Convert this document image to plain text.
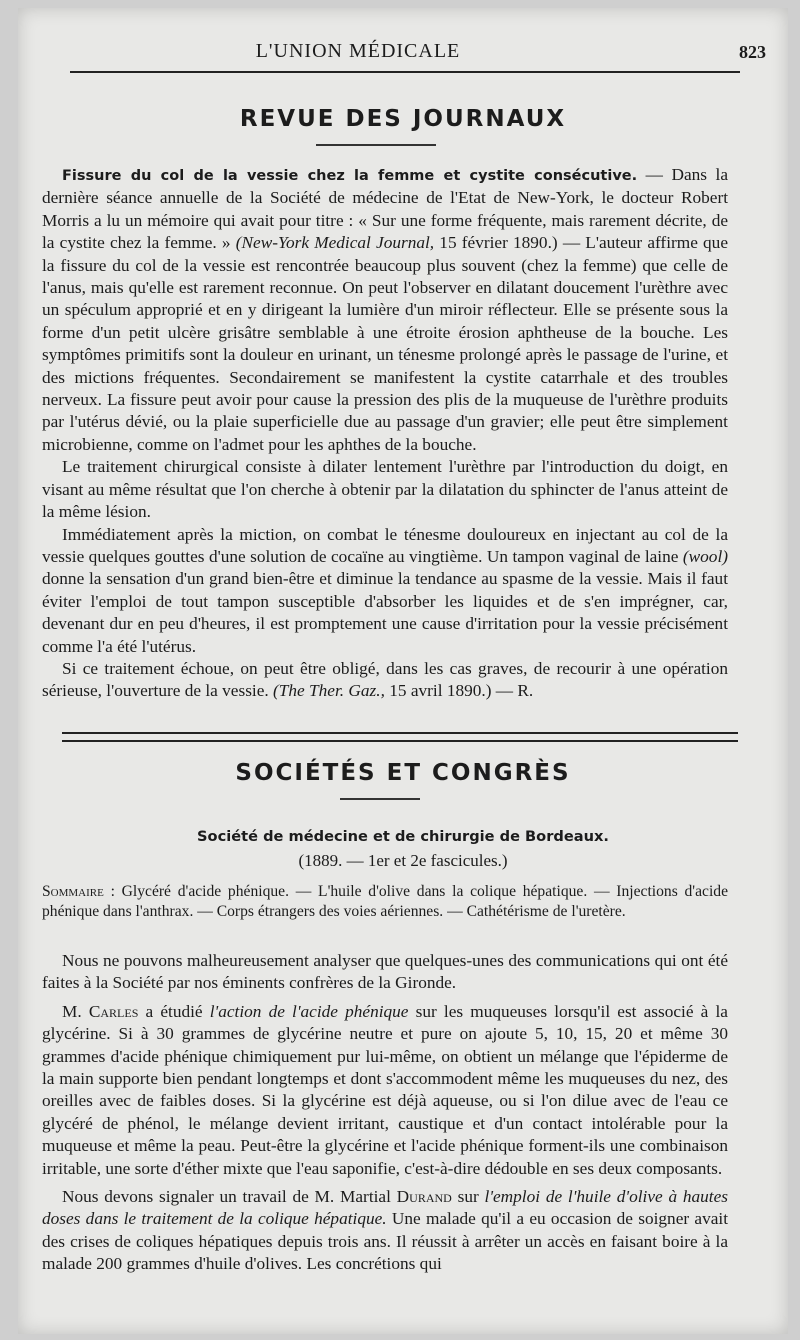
L'UNION MÉDICALE	823
REVUE DES JOURNAUX

Fissure du col de la vessie chez la femme et cystite consécutive. — Dans la dernière séance annuelle de la Société de médecine de l'Etat de New-York, le docteur Robert Morris a lu un mémoire qui avait pour titre : « Sur une forme fréquente, mais rarement décrite, de la cystite chez la femme. » (New-York Medical Journal, 15 février 1890.) — L'auteur affirme que la fissure du col de la vessie est rencontrée beaucoup plus souvent (chez la femme) que celle de l'anus, mais qu'elle est rarement reconnue. On peut l'observer en dilatant doucement l'urèthre avec un spéculum approprié et en y dirigeant la lumière d'un miroir réflecteur. Elle se présente sous la forme d'un petit ulcère grisâtre semblable à une étroite érosion aphtheuse de la bouche. Les symptômes primitifs sont la douleur en urinant, un ténesme prolongé après le passage de l'urine, et des mictions fréquentes. Secondairement se manifestent la cystite catarrhale et des troubles nerveux. La fissure peut avoir pour cause la pression des plis de la muqueuse de l'urèthre produits par l'utérus dévié, ou la plaie superficielle due au passage d'un gravier; elle peut être simplement microbienne, comme on l'admet pour les aphthes de la bouche.

Le traitement chirurgical consiste à dilater lentement l'urèthre par l'introduction du doigt, en visant au même résultat que l'on cherche à obtenir par la dilatation du sphincter de l'anus atteint de la même lésion.

Immédiatement après la miction, on combat le ténesme douloureux en injectant au col de la vessie quelques gouttes d'une solution de cocaïne au vingtième. Un tampon vaginal de laine (wool) donne la sensation d'un grand bien-être et diminue la tendance au spasme de la vessie. Mais il faut éviter l'emploi de tout tampon susceptible d'absorber les liquides et de s'en imprégner, car, devenant dur en peu d'heures, il est promptement une cause d'irritation pour la vessie précisément comme l'a été l'utérus.

Si ce traitement échoue, on peut être obligé, dans les cas graves, de recourir à une opération sérieuse, l'ouverture de la vessie. (The Ther. Gaz., 15 avril 1890.) — R.

SOCIÉTÉS ET CONGRÈS
Société de médecine et de chirurgie de Bordeaux.
(1889. — 1er et 2e fascicules.)
Sommaire : Glycéré d'acide phénique. — L'huile d'olive dans la colique hépatique. — Injections d'acide phénique dans l'anthrax. — Corps étrangers des voies aériennes. — Cathétérisme de l'uretère.

Nous ne pouvons malheureusement analyser que quelques-unes des communications qui ont été faites à la Société par nos éminents confrères de la Gironde.

M. Carles a étudié l'action de l'acide phénique sur les muqueuses lorsqu'il est associé à la glycérine. Si à 30 grammes de glycérine neutre et pure on ajoute 5, 10, 15, 20 et même 30 grammes d'acide phénique chimiquement pur lui-même, on obtient un mélange que l'épiderme de la main supporte bien pendant longtemps et dont s'accommodent même les muqueuses du nez, des oreilles avec de faibles doses. Si la glycérine est déjà aqueuse, ou si l'on dilue avec de l'eau ce glycéré de phénol, le mélange devient irritant, caustique et d'un contact intolérable pour la muqueuse et même la peau. Peut-être la glycérine et l'acide phénique forment-ils une combinaison irritable, une sorte d'éther mixte que l'eau saponifie, c'est-à-dire dédouble en ses deux composants.

Nous devons signaler un travail de M. Martial Durand sur l'emploi de l'huile d'olive à hautes doses dans le traitement de la colique hépatique. Une malade qu'il a eu occasion de soigner avait des crises de coliques hépatiques depuis trois ans. Il réussit à arrêter un accès en faisant boire à la malade 200 grammes d'huile d'olives. Les concrétions qui
